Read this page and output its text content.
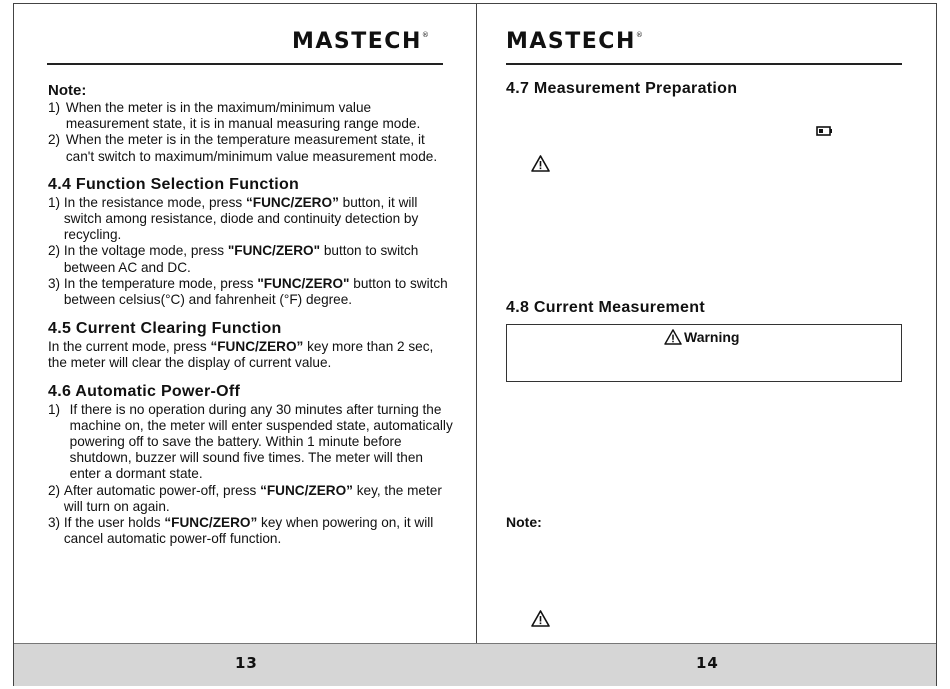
MASTECH®
Note:
1) When the meter is in the maximum/minimum value measurement state, it is in manual measuring range mode.
2) When the meter is in the temperature measurement state, it can't switch to maximum/minimum value measurement mode.
4.4 Function Selection Function
1) In the resistance mode, press “FUNC/ZERO” button, it will switch among resistance, diode and continuity detection by recycling.
2) In the voltage mode, press "FUNC/ZERO" button to switch between AC and DC.
3) In the temperature mode, press "FUNC/ZERO" button to switch between celsius(°C) and fahrenheit (°F) degree.
4.5 Current Clearing Function
In the current mode, press “FUNC/ZERO” key more than 2 sec, the meter will clear the display of current value.
4.6 Automatic Power-Off
1) If there is no operation during any 30 minutes after turning the machine on, the meter will enter suspended state, automatically powering off to save the battery. Within 1 minute before shutdown, buzzer will sound five times. The meter will then enter a dormant state.
2) After automatic power-off, press “FUNC/ZERO” key, the meter will turn on again.
3) If the user holds “FUNC/ZERO” key when powering on, it will cancel automatic power-off function.
13
MASTECH®
4.7 Measurement Preparation
4.8 Current Measurement
Warning
Note:
14
